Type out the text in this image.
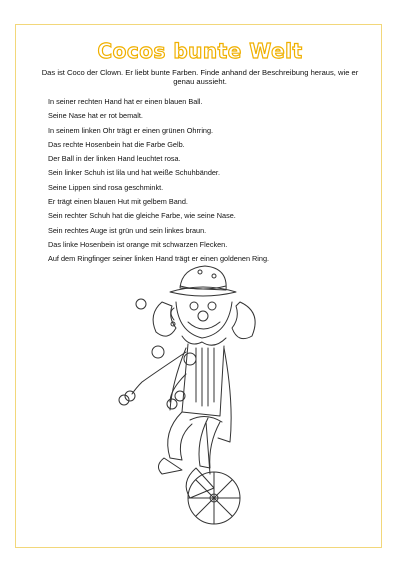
Cocos bunte Welt
Das ist Coco der Clown. Er liebt bunte Farben. Finde anhand der Beschreibung heraus, wie er genau aussieht.
In seiner rechten Hand hat er einen blauen Ball.
Seine Nase hat er rot bemalt.
In seinem linken Ohr trägt er einen grünen Ohrring.
Das rechte Hosenbein hat die Farbe Gelb.
Der Ball in der linken Hand leuchtet rosa.
Sein linker Schuh ist lila und hat weiße Schuhbänder.
Seine Lippen sind rosa geschminkt.
Er trägt einen blauen Hut mit gelbem Band.
Sein rechter Schuh hat die gleiche Farbe, wie seine Nase.
Sein rechtes Auge ist grün und sein linkes braun.
Das linke Hosenbein ist orange mit schwarzen Flecken.
Auf dem Ringfinger seiner linken Hand trägt er einen goldenen Ring.
